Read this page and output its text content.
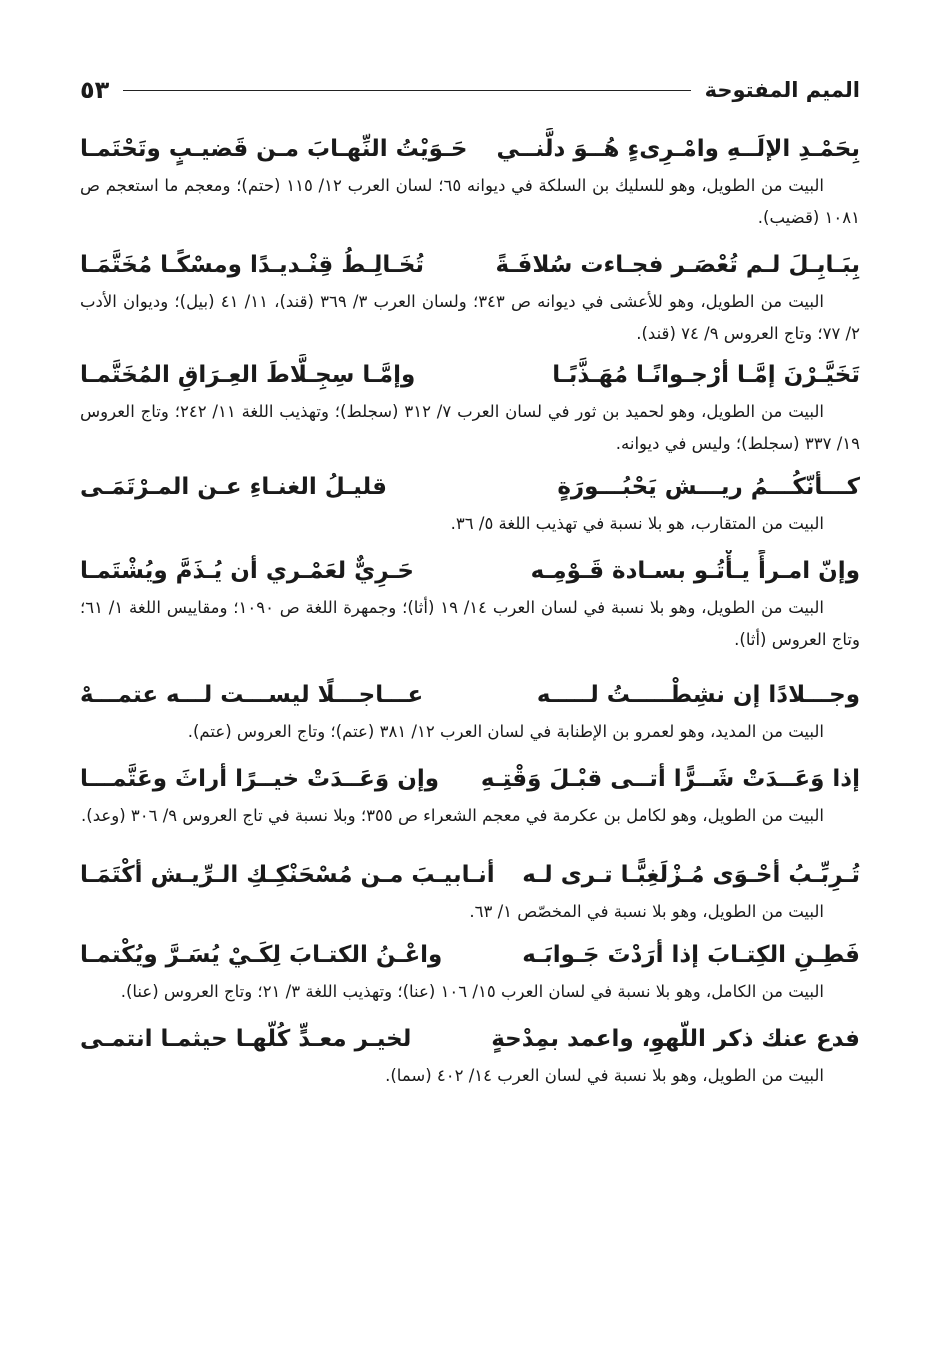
الميم المفتوحة
٥٣
بِحَمْـدِ الإلَــهِ وامْـرِىءٍ هُــوَ دلَّنــي
حَـوَيْتُ النِّهـابَ مـن قَضيـبٍ وتَحْتَمـا

البيت من الطويل، وهو للسليك بن السلكة في ديوانه ٦٥؛ لسان العرب ١٢/ ١١٥ (حتم)؛ ومعجم ما استعجم ص ١٠٨١ (قضيب).

بِبَـابِـلَ لـم تُعْصَـر فجـاءت سُلافَـةً
تُخَـالِـطُ قِنْـديـدًا ومسْكًـا مُخَتَّمَـا

البيت من الطويل، وهو للأعشى في ديوانه ص ٣٤٣؛ ولسان العرب ٣/ ٣٦٩ (قند)، ١١/ ٤١ (بيل)؛ وديوان الأدب ٢/ ٧٧؛ وتاج العروس ٩/ ٧٤ (قند).

تَخَيَّـرْنَ إمَّـا أرْجـوانًـا مُهَـذَّبًـا
وإمَّـا سِجِـلَّاطَ العِـرَاقِ المُخَتَّمـا

البيت من الطويل، وهو لحميد بن ثور في لسان العرب ٧/ ٣١٢ (سجلط)؛ وتهذيب اللغة ١١/ ٢٤٢؛ وتاج العروس ١٩/ ٣٣٧ (سجلط)؛ وليس في ديوانه.

كـــأنّكُـــمُ ريـــش يَحْبُـــورَةٍ
قليـلُ الغنـاءِ عـن المـرْتَمَـى

البيت من المتقارب، هو بلا نسبة في تهذيب اللغة ٥/ ٣٦.

وإنّ امـرأً يـأْتُـو بسـادة قَـوْمِـه
حَـرِيٌّ لعَمْـري أن يُـذَمَّ ويُشْتَمـا

البيت من الطويل، وهو بلا نسبة في لسان العرب ١٤/ ١٩ (أثا)؛ وجمهرة اللغة ص ١٠٩٠؛ ومقاييس اللغة ١/ ٦١؛ وتاج العروس (أثا).

وجـــلادًا إن نشِطْـــــتُ لـــــه
عـــاجـــلًا ليســـت لـــه عتمـــهْ

البيت من المديد، وهو لعمرو بن الإطنابة في لسان العرب ١٢/ ٣٨١ (عتم)؛ وتاج العروس (عتم).

إذا وَعَــدَتْ شَــرًّا أتــى قبْـلَ وَقْتِـهِ
وإن وَعَــدَتْ خيــرًا أراثَ وعَتَّمـــا

البيت من الطويل، وهو لكامل بن عكرمة في معجم الشعراء ص ٣٥٥؛ وبلا نسبة في تاج العروس ٩/ ٣٠٦ (وعد).

تُـرِبِّـبُ أحْـوَى مُـزْلَغِبًّـا تـرى لـه
أنـابيـبَ مـن مُسْحَنْكِـكِ الـرِّيـش أكْتَمَـا

البيت من الطويل، وهو بلا نسبة في المخصّص ١/ ٦٣.

فَطِـنِ الكِتـابَ إذا أرَدْتَ جَـوابَـه
واعْـنُ الكتـابَ لِكَـيْ يُسَـرَّ ويُكْتمـا

البيت من الكامل، وهو بلا نسبة في لسان العرب ١٥/ ١٠٦ (عنا)؛ وتهذيب اللغة ٣/ ٢١؛ وتاج العروس (عنا).

فدع عنك ذكر اللّهوِ، واعمد بمِدْحةٍ
لخيـر معـدٍّ كُلّهـا حيثمـا انتمـى

البيت من الطويل، وهو بلا نسبة في لسان العرب ١٤/ ٤٠٢ (سما).
